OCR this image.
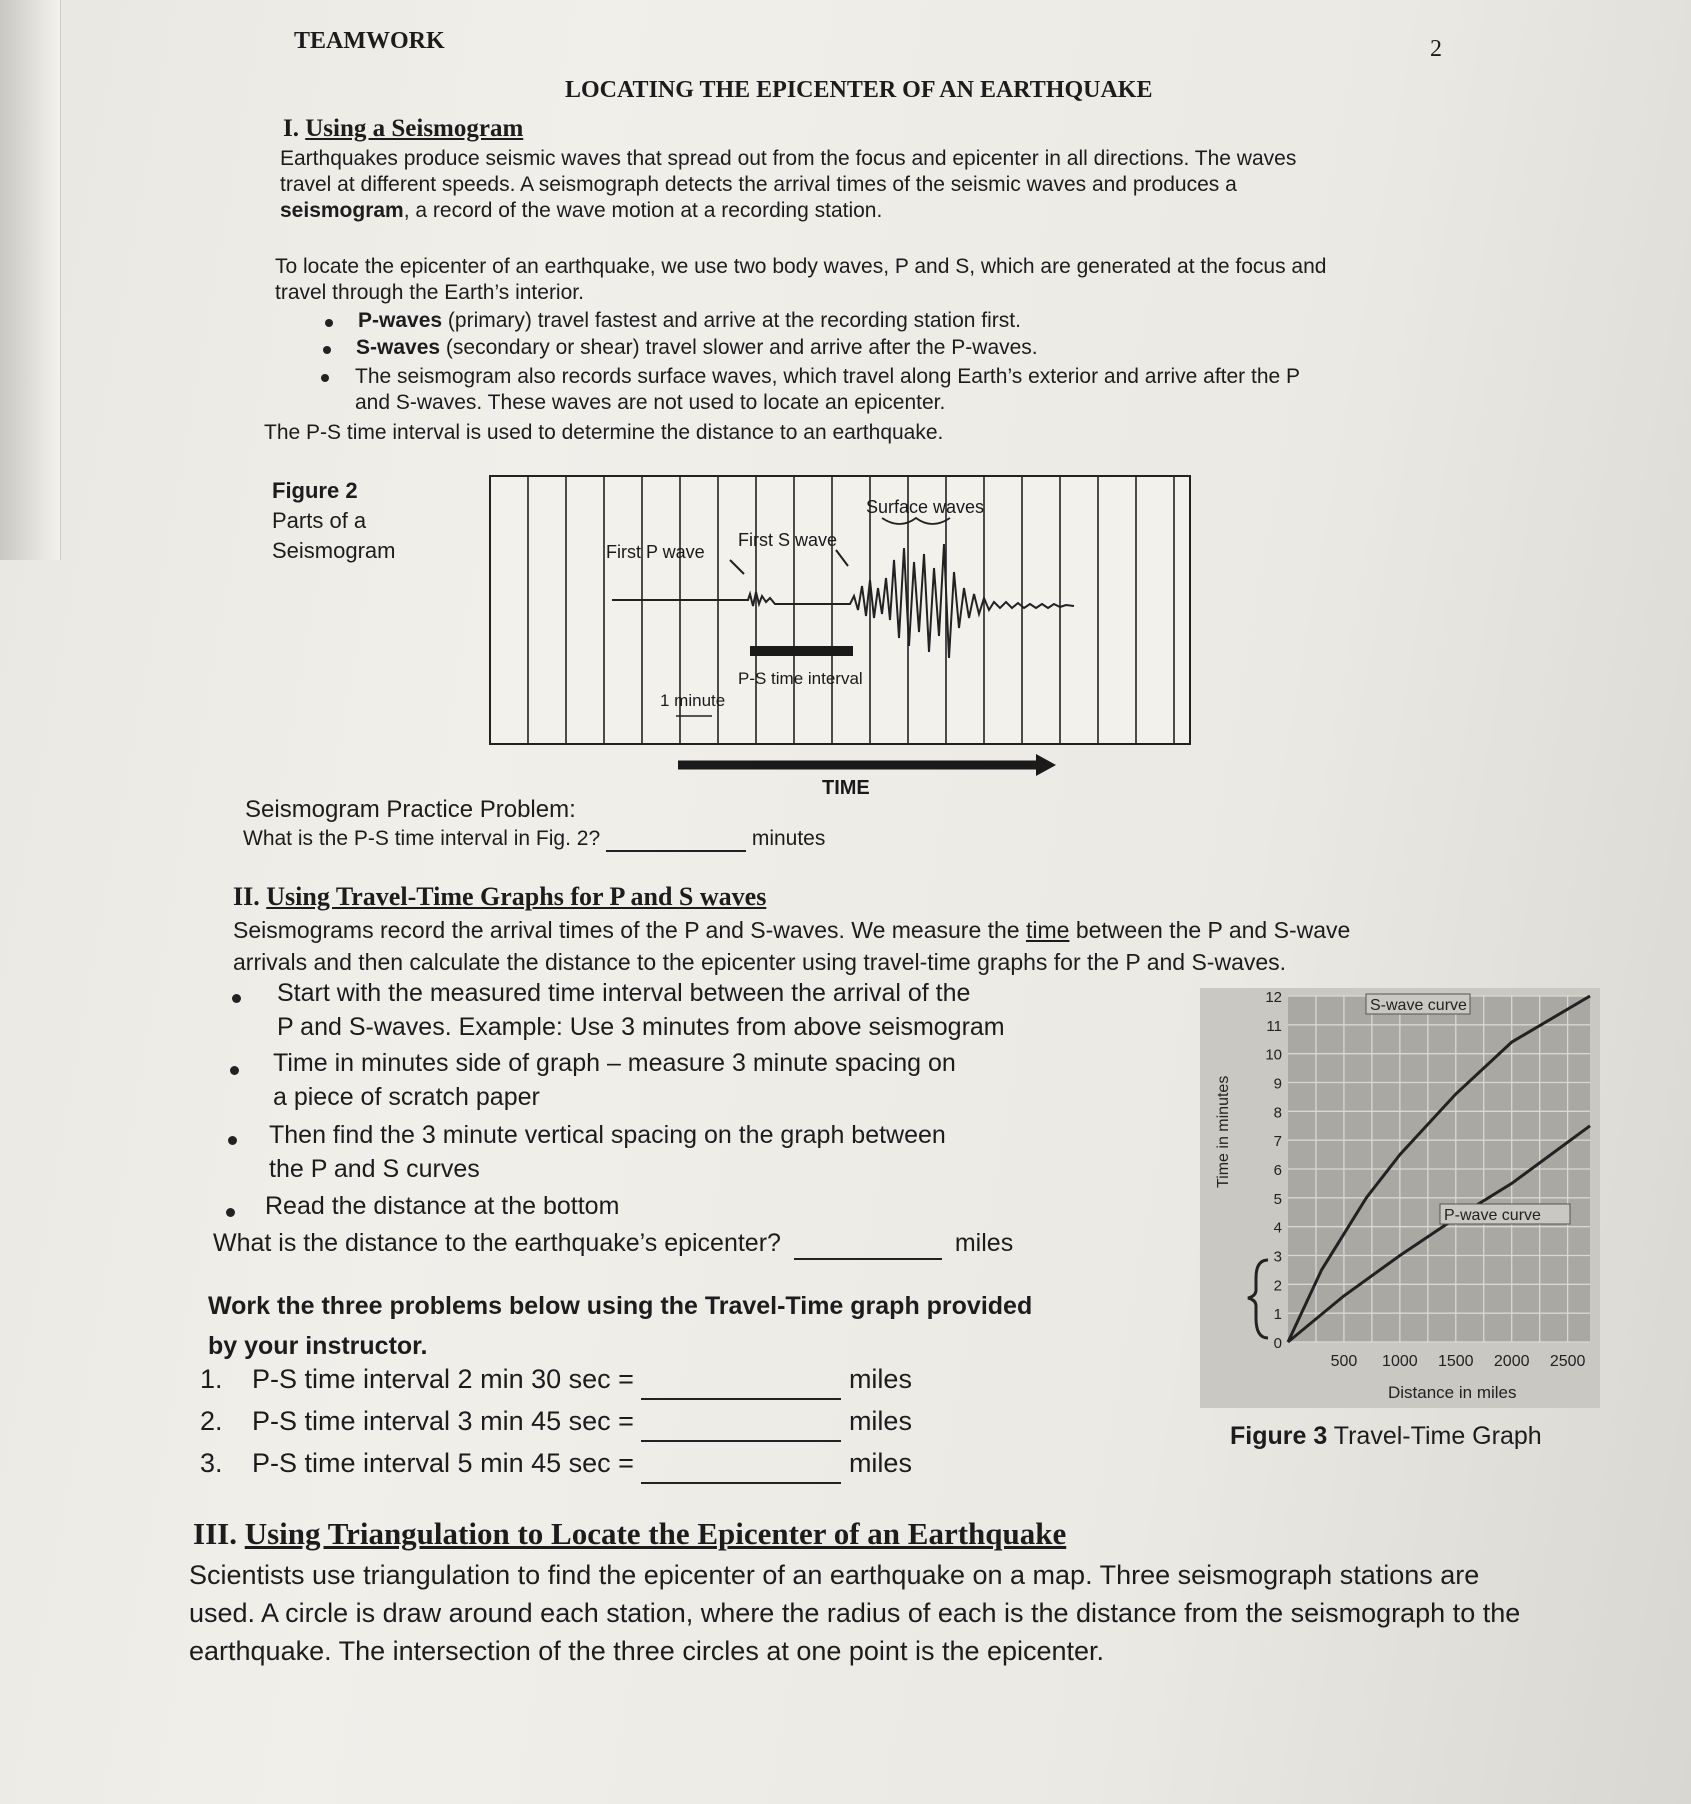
TEAMWORK	2
LOCATING THE EPICENTER OF AN EARTHQUAKE
I. Using a Seismogram
Earthquakes produce seismic waves that spread out from the focus and epicenter in all directions. The waves
travel at different speeds. A seismograph detects the arrival times of the seismic waves and produces a
seismogram, a record of the wave motion at a recording station.
To locate the epicenter of an earthquake, we use two body waves, P and S, which are generated at the focus and
travel through the Earth’s interior.
P-waves (primary) travel fastest and arrive at the recording station first.
S-waves (secondary or shear) travel slower and arrive after the P-waves.
The seismogram also records surface waves, which travel along Earth’s exterior and arrive after the P
and S-waves. These waves are not used to locate an epicenter.
The P-S time interval is used to determine the distance to an earthquake.
Figure 2
Parts of a
Seismogram	First P wave
First S wave
Surface waves
P-S time interval
1 minute
TIME
Seismogram Practice Problem:
What is the P-S time interval in Fig. 2?	minutes
II. Using Travel-Time Graphs for P and S waves
Seismograms record the arrival times of the P and S-waves. We measure the time between the P and S-wave
arrivals and then calculate the distance to the epicenter using travel-time graphs for the P and S-waves.
Start with the measured time interval between the arrival of the
P and S-waves. Example: Use 3 minutes from above seismogram
Time in minutes side of graph – measure 3 minute spacing on
a piece of scratch paper
Then find the 3 minute vertical spacing on the graph between
the P and S curves
Read the distance at the bottom
What is the distance to the earthquake’s epicenter?	miles
Work the three problems below using the Travel-Time graph provided
by your instructor.
1. P-S time interval 2 min 30 sec =	miles
2. P-S time interval 3 min 45 sec =	miles
3. P-S time interval 5 min 45 sec =	miles
0
1
2
3
4
5
6
7
8
9
10
11
12
500 1000 1500 2000 2500
S-wave curve
P-wave curve
Time in minutes
Distance in miles
Figure 3 Travel-Time Graph
III. Using Triangulation to Locate the Epicenter of an Earthquake
Scientists use triangulation to find the epicenter of an earthquake on a map. Three seismograph stations are
used. A circle is draw around each station, where the radius of each is the distance from the seismograph to the
earthquake. The intersection of the three circles at one point is the epicenter.
